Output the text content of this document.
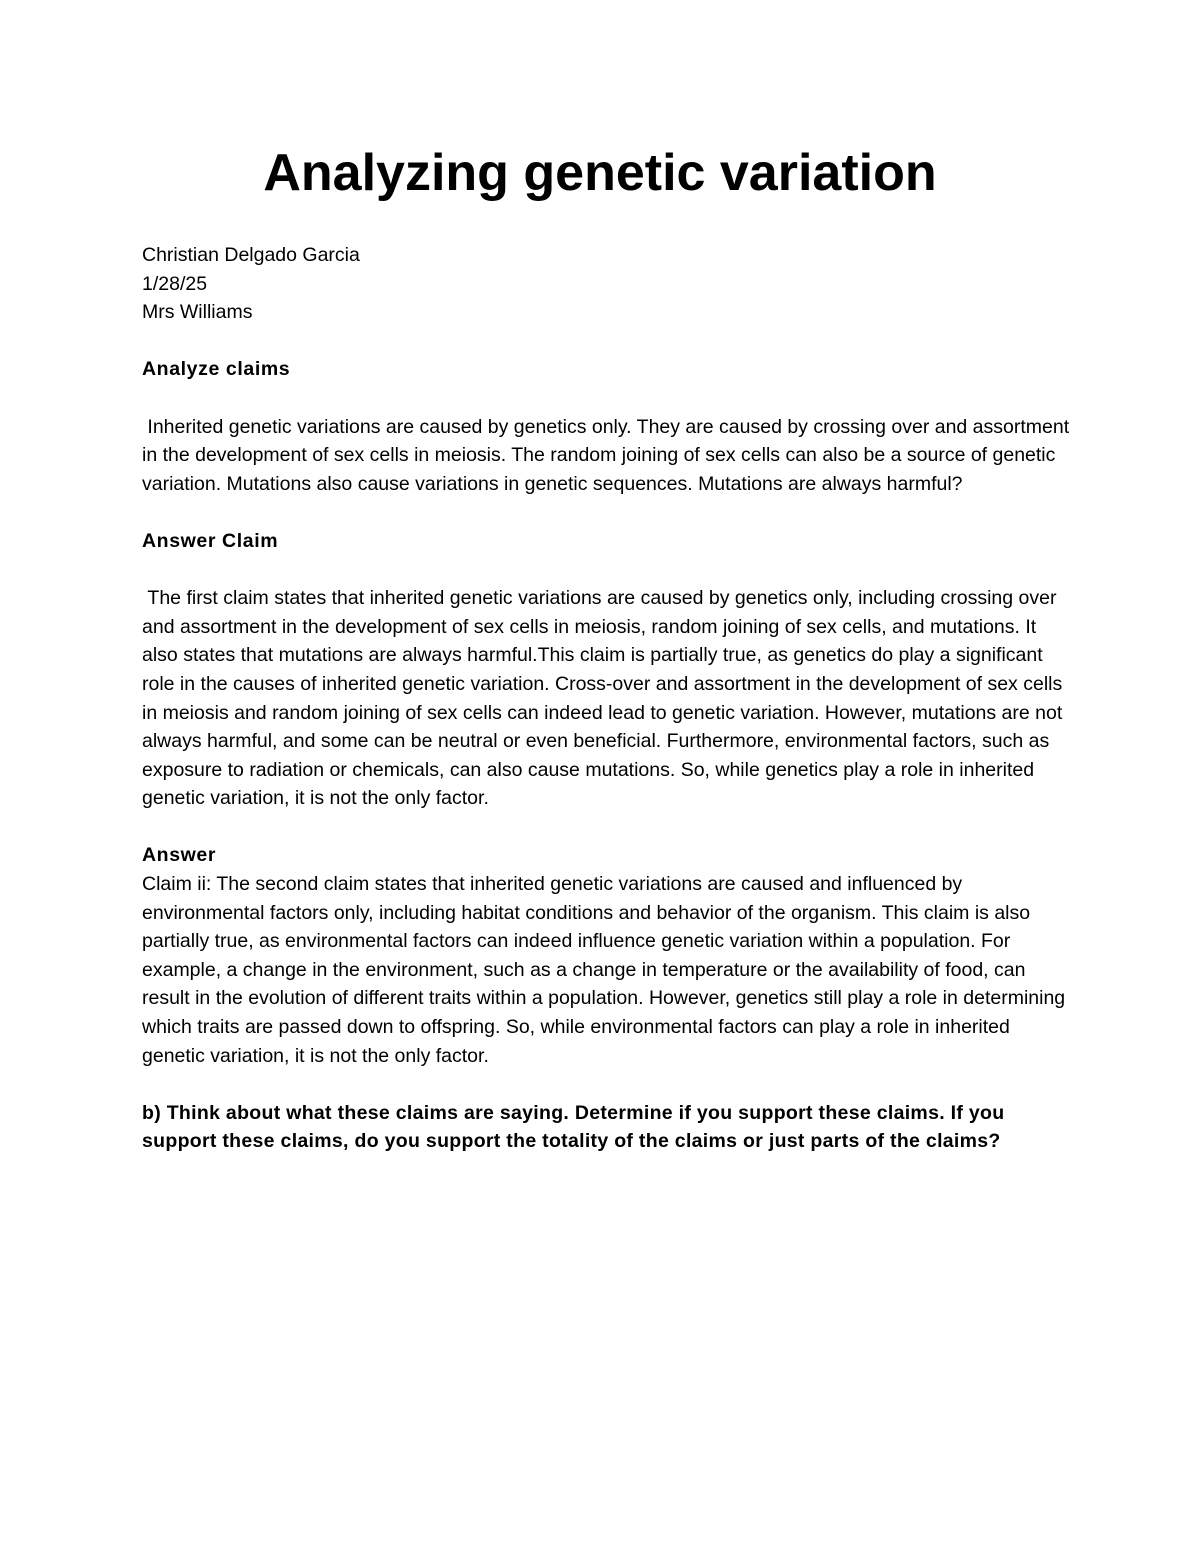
Analyzing genetic variation

Christian Delgado Garcia

1/28/25

Mrs Williams

Analyze claims

Inherited genetic variations are caused by genetics only. They are caused by crossing over and assortment in the development of sex cells in meiosis. The random joining of sex cells can also be a source of genetic variation. Mutations also cause variations in genetic sequences. Mutations are always harmful?

Answer Claim

The first claim states that inherited genetic variations are caused by genetics only, including crossing over and assortment in the development of sex cells in meiosis, random joining of sex cells, and mutations. It also states that mutations are always harmful.This claim is partially true, as genetics do play a significant role in the causes of inherited genetic variation. Cross-over and assortment in the development of sex cells in meiosis and random joining of sex cells can indeed lead to genetic variation. However, mutations are not always harmful, and some can be neutral or even beneficial. Furthermore, environmental factors, such as exposure to radiation or chemicals, can also cause mutations. So, while genetics play a role in inherited genetic variation, it is not the only factor.

Answer

Claim ii: The second claim states that inherited genetic variations are caused and influenced by environmental factors only, including habitat conditions and behavior of the organism. This claim is also partially true, as environmental factors can indeed influence genetic variation within a population. For example, a change in the environment, such as a change in temperature or the availability of food, can result in the evolution of different traits within a population. However, genetics still play a role in determining which traits are passed down to offspring. So, while environmental factors can play a role in inherited genetic variation, it is not the only factor.

b) Think about what these claims are saying. Determine if you support these claims. If you support these claims, do you support the totality of the claims or just parts of the claims?
